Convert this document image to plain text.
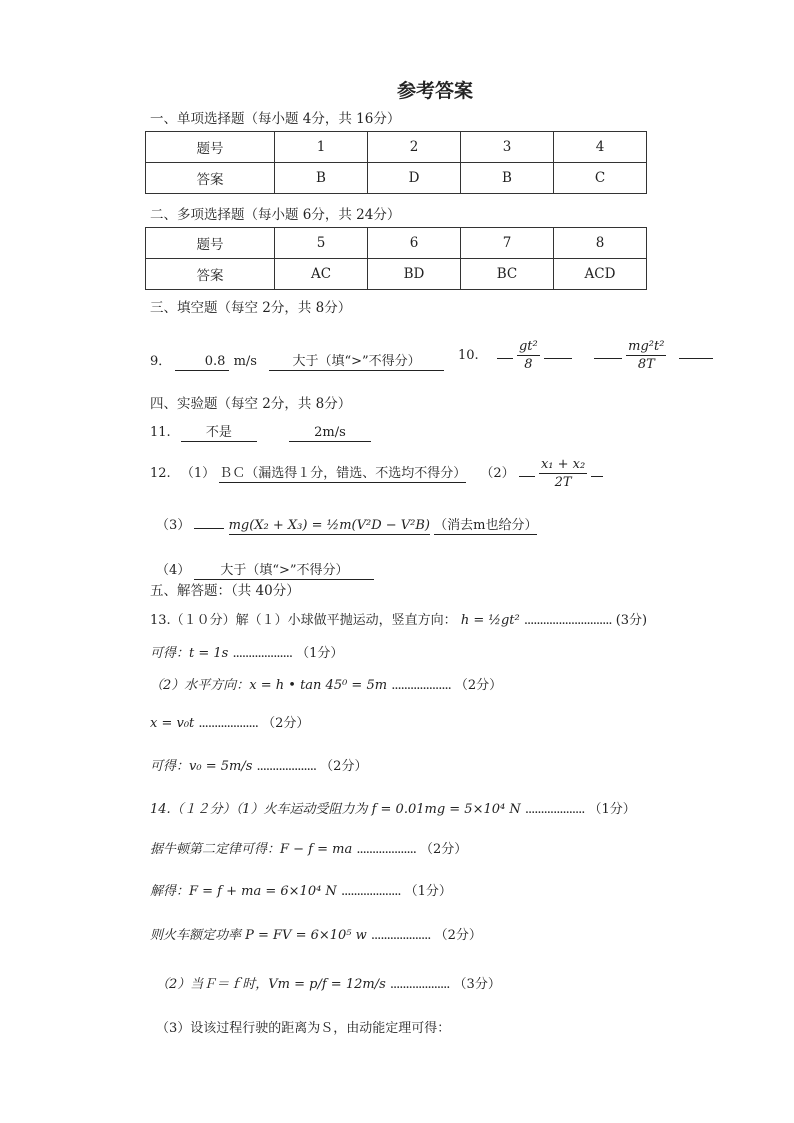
参考答案
一、单项选择题（每小题 4分，共 16分）
题号	1	2	3	4
答案	B	D	B	C
二、多项选择题（每小题 6分，共 24分）
题号	5	6	7	8
答案	AC	BD	BC	ACD
三、填空题（每空 2分，共 8分）
9．	0.8 m/s	大于（填“>”不得分）	10.	$\frac{\text{gt²}}{8}$
	$\frac{\text{mg²t²}}{8T}$

四、实验题（每空 2分，共 8分）
11.	不是	2m/s
12. （1） ＢＣ（漏选得１分，错选、不选均不得分） $(2) \frac{\text{x₁ + x₂}}{2T}$

（3）	mg(X₂ + X₃) = ½m(V²D − V²B) （消去m也给分）
（4） 大于（填“>”不得分）
五、解答题：（共 40分）
13.（１０分）解（１）小球做平抛运动，竖直方向： h = ½gt² ............................ (3分)
可得：t = 1s ................... （1分）
（2）水平方向：x = h • tan 45⁰ = 5m ................... （2分）
x = v₀t ................... （2分）
可得：v₀ = 5m/s ................... （2分）
14.（１２分）（1）火车运动受阻力为 f = 0.01mg = 5×10⁴ N ................... （1分）
据牛顿第二定律可得：F − f = ma ................... （2分）
解得：F = f + ma = 6×10⁴ N ................... （1分）
则火车额定功率 P = FV = 6×10⁵ w ................... （2分）
（2）当Ｆ＝ｆ时，Vm = p/f = 12m/s ................... （3分）
（3）设该过程行驶的距离为Ｓ，由动能定理可得：
